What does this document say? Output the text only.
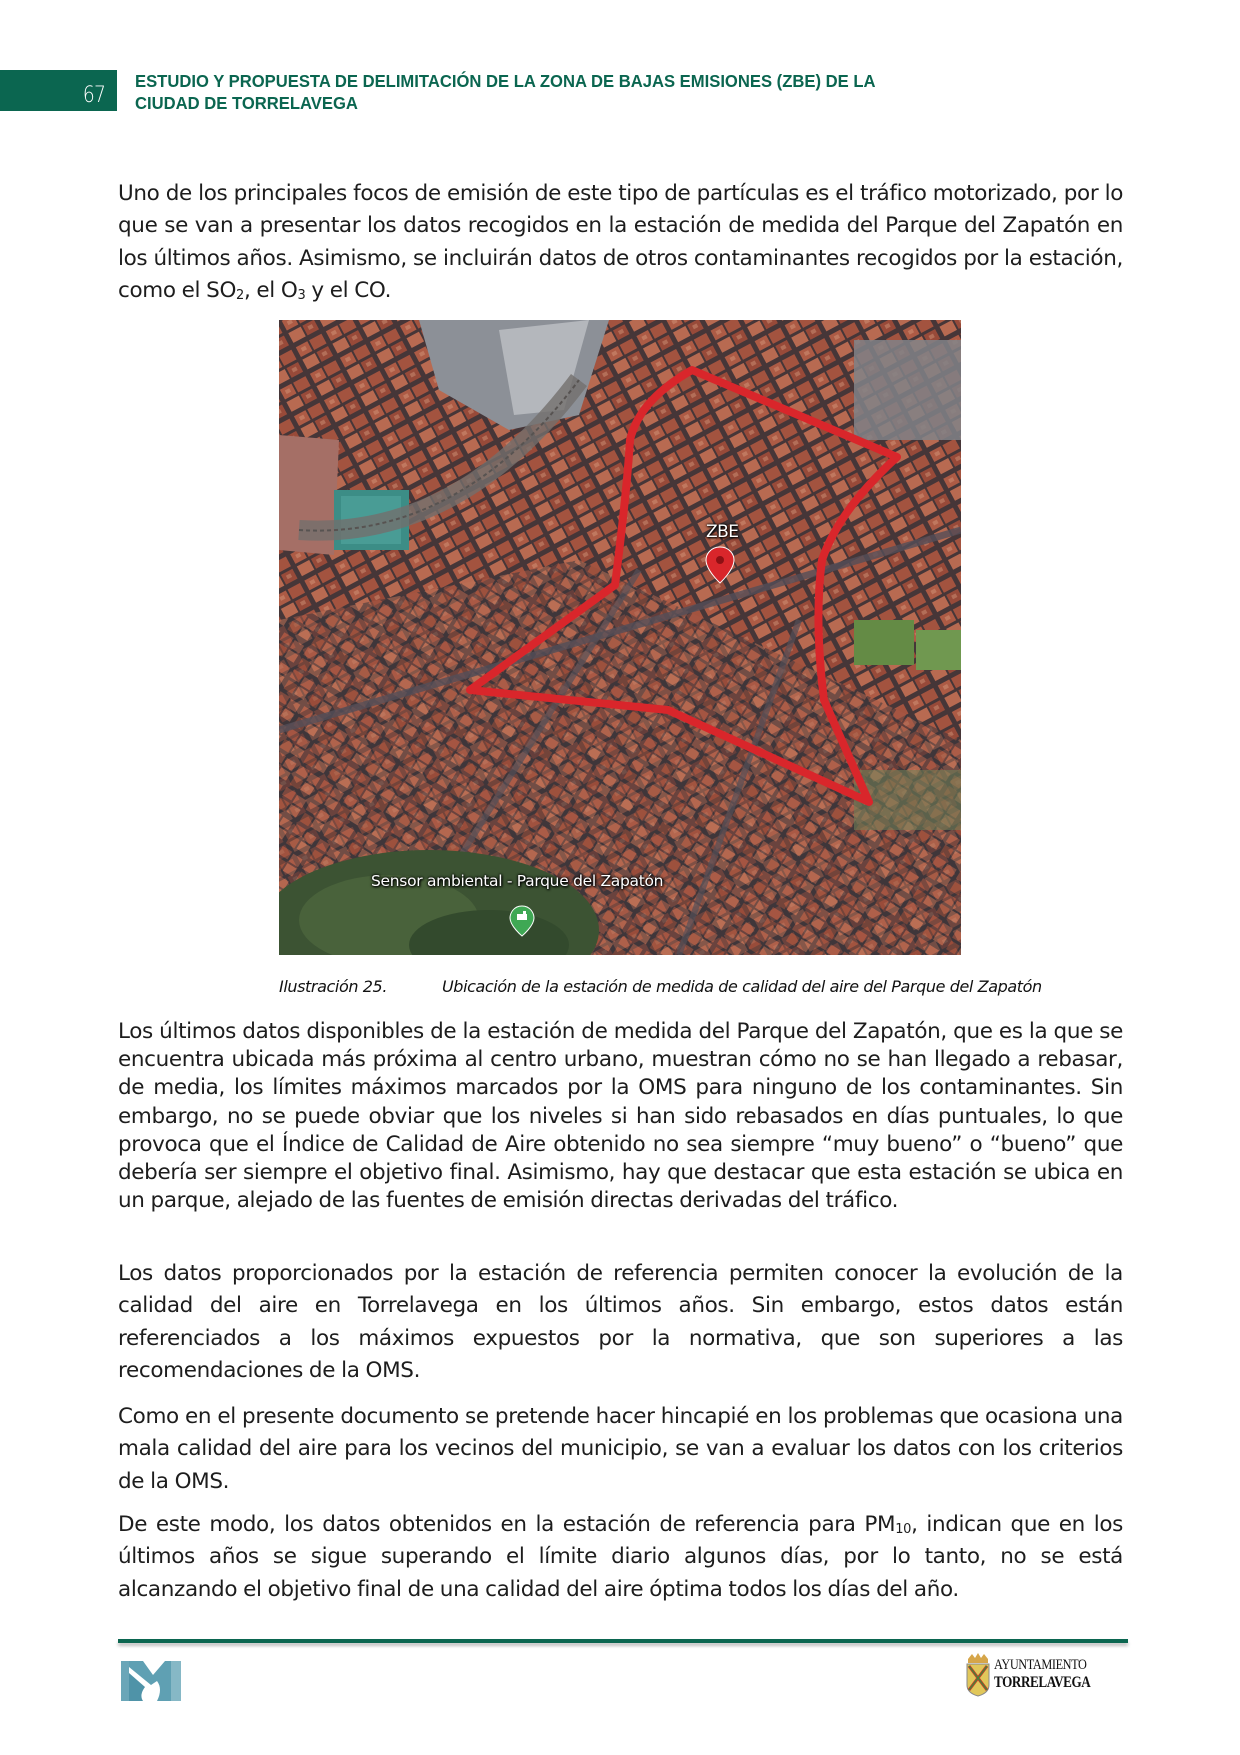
67
ESTUDIO Y PROPUESTA DE DELIMITACIÓN DE LA ZONA DE BAJAS EMISIONES (ZBE) DE LA
CIUDAD DE TORRELAVEGA

Uno de los principales focos de emisión de este tipo de partículas es el tráfico motorizado, por lo que se van a presentar los datos recogidos en la estación de medida del Parque del Zapatón en los últimos años. Asimismo, se incluirán datos de otros contaminantes recogidos por la estación, como el $SO_2$, el $O_3$ y el CO.

ZBE
Sensor ambiental - Parque del Zapatón
Ilustración 25.	Ubicación de la estación de medida de calidad del aire del Parque del Zapatón

Los últimos datos disponibles de la estación de medida del Parque del Zapatón, que es la que se encuentra ubicada más próxima al centro urbano, muestran cómo no se han llegado a rebasar, de media, los límites máximos marcados por la OMS para ninguno de los contaminantes. Sin embargo, no se puede obviar que los niveles si han sido rebasados en días puntuales, lo que provoca que el Índice de Calidad de Aire obtenido no sea siempre “muy bueno” o “bueno” que debería ser siempre el objetivo final. Asimismo, hay que destacar que esta estación se ubica en un parque, alejado de las fuentes de emisión directas derivadas del tráfico.

Los datos proporcionados por la estación de referencia permiten conocer la evolución de la calidad del aire en Torrelavega en los últimos años. Sin embargo, estos datos están referenciados a los máximos expuestos por la normativa, que son superiores a las recomendaciones de la OMS.

Como en el presente documento se pretende hacer hincapié en los problemas que ocasiona una mala calidad del aire para los vecinos del municipio, se van a evaluar los datos con los criterios de la OMS.

De este modo, los datos obtenidos en la estación de referencia para $PM_{10}$, indican que en los últimos años se sigue superando el límite diario algunos días, por lo tanto, no se está alcanzando el objetivo final de una calidad del aire óptima todos los días del año.

AYUNTAMIENTO
TORRELAVEGA
